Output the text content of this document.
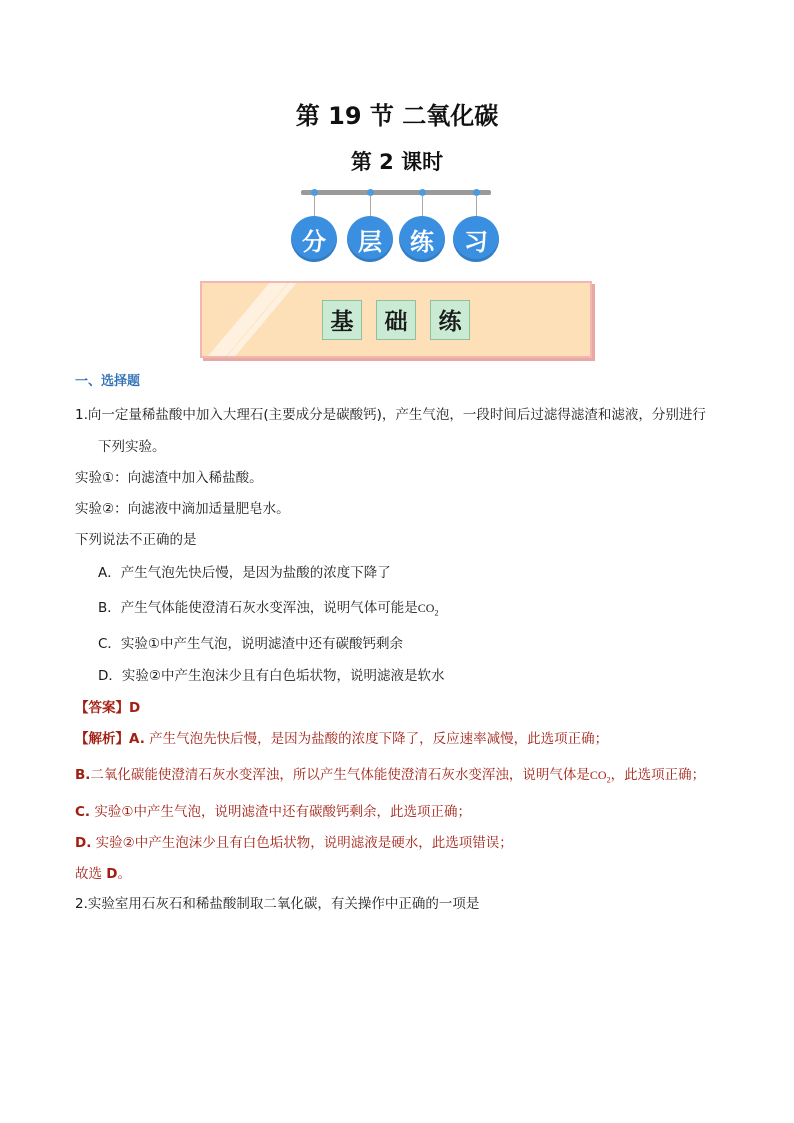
第 19 节 二氧化碳
第 2 课时
分	层	练	习
基	础	练
一、选择题
1.向一定量稀盐酸中加入大理石(主要成分是碳酸钙)，产生气泡，一段时间后过滤得滤渣和滤液，分别进行
下列实验。
实验①：向滤渣中加入稀盐酸。
实验②：向滤液中滴加适量肥皂水。
下列说法不正确的是
A．产生气泡先快后慢，是因为盐酸的浓度下降了
B．产生气体能使澄清石灰水变浑浊，说明气体可能是$CO_2$
C．实验①中产生气泡，说明滤渣中还有碳酸钙剩余
D．实验②中产生泡沫少且有白色垢状物，说明滤液是软水
【答案】D
【解析】A. 产生气泡先快后慢，是因为盐酸的浓度下降了，反应速率减慢，此选项正确；
B.二氧化碳能使澄清石灰水变浑浊，所以产生气体能使澄清石灰水变浑浊，说明气体是$CO_2$，此选项正确；
C. 实验①中产生气泡，说明滤渣中还有碳酸钙剩余，此选项正确；
D. 实验②中产生泡沫少且有白色垢状物，说明滤液是硬水，此选项错误；
故选 D。
2.实验室用石灰石和稀盐酸制取二氧化碳，有关操作中正确的一项是
